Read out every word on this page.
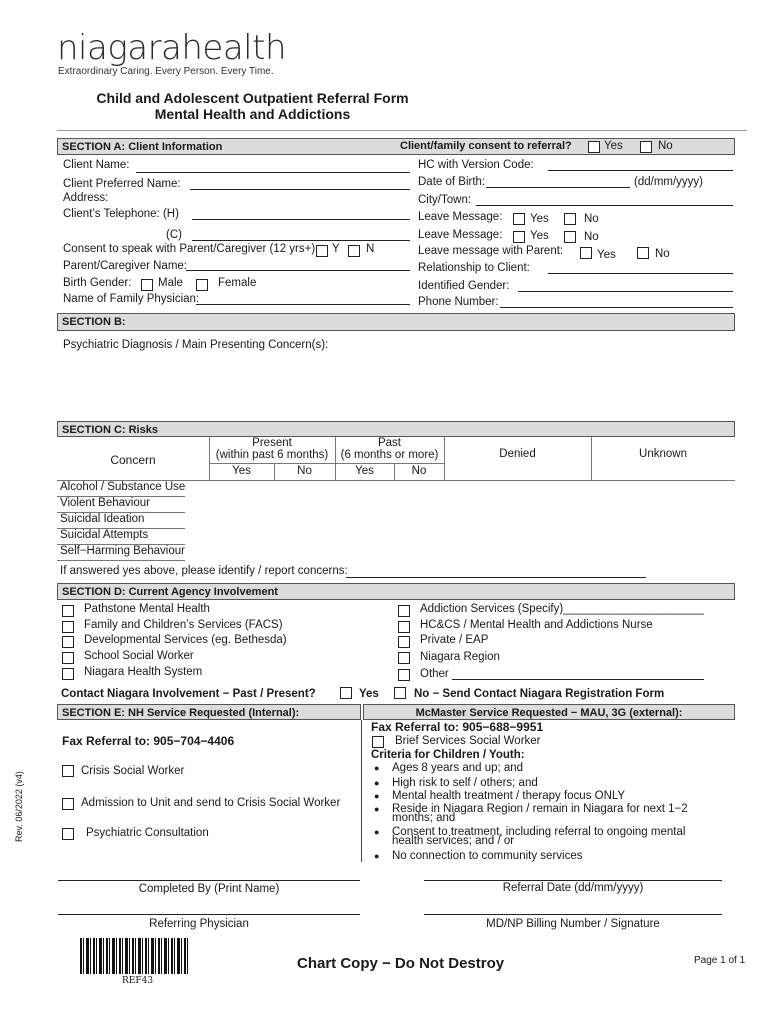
niagarahealth
Extraordinary Caring. Every Person. Every Time.
Child and Adolescent Outpatient Referral Form
Mental Health and Addictions
SECTION A: Client Information	Client/family consent to referral?	Yes	No
Client Name:
Client Preferred Name:
Address:
Client’s Telephone: (H)
(C)
Consent to speak with Parent/Caregiver (12 yrs+) Y N
Parent/Caregiver Name:
Birth Gender: Male	Female
Name of Family Physician:
HC with Version Code:
Date of Birth:	(dd/mm/yyyy)
City/Town:
Leave Message: Yes	No
Leave Message: Yes	No
Leave message with Parent:	Yes	No
Relationship to Client:
Identified Gender:
Phone Number:
SECTION B:
Psychiatric Diagnosis / Main Presenting Concern(s):
SECTION C: Risks
Concern
Present
(within past 6 months)
Past
(6 months or more)
Yes	No	Yes	No
Denied	Unknown
Alcohol / Substance Use
Violent Behaviour
Suicidal Ideation
Suicidal Attempts
Self−Harming Behaviour
If answered yes above, please identify / report concerns:
SECTION D: Current Agency Involvement
Pathstone Mental Health
Family and Children’s Services (FACS)
Developmental Services (eg. Bethesda)
School Social Worker
Niagara Health System
Addiction Services (Specify)______________________
HC&CS / Mental Health and Addictions Nurse
Private / EAP
Niagara Region
Other
Contact Niagara Involvement − Past / Present?	Yes	No − Send Contact Niagara Registration Form
SECTION E: NH Service Requested (Internal):	McMaster Service Requested − MAU, 3G (external):
Fax Referral to: 905−704−4406
Crisis Social Worker
Admission to Unit and send to Crisis Social Worker
Psychiatric Consultation
Fax Referral to: 905−688−9951
Brief Services Social Worker
Criteria for Children / Youth:
● Ages 8 years and up; and
● High risk to self / others; and
● Mental health treatment / therapy focus ONLY
● Reside in Niagara Region / remain in Niagara for next 1−2
months; and
● Consent to treatment, including referral to ongoing mental
health services; and / or
● No connection to community services
Rev. 06/2022 (v4)
Completed By (Print Name)	Referral Date (dd/mm/yyyy)
Referring Physician	MD/NP Billing Number / Signature
REF43
Chart Copy − Do Not Destroy	Page 1 of 1
